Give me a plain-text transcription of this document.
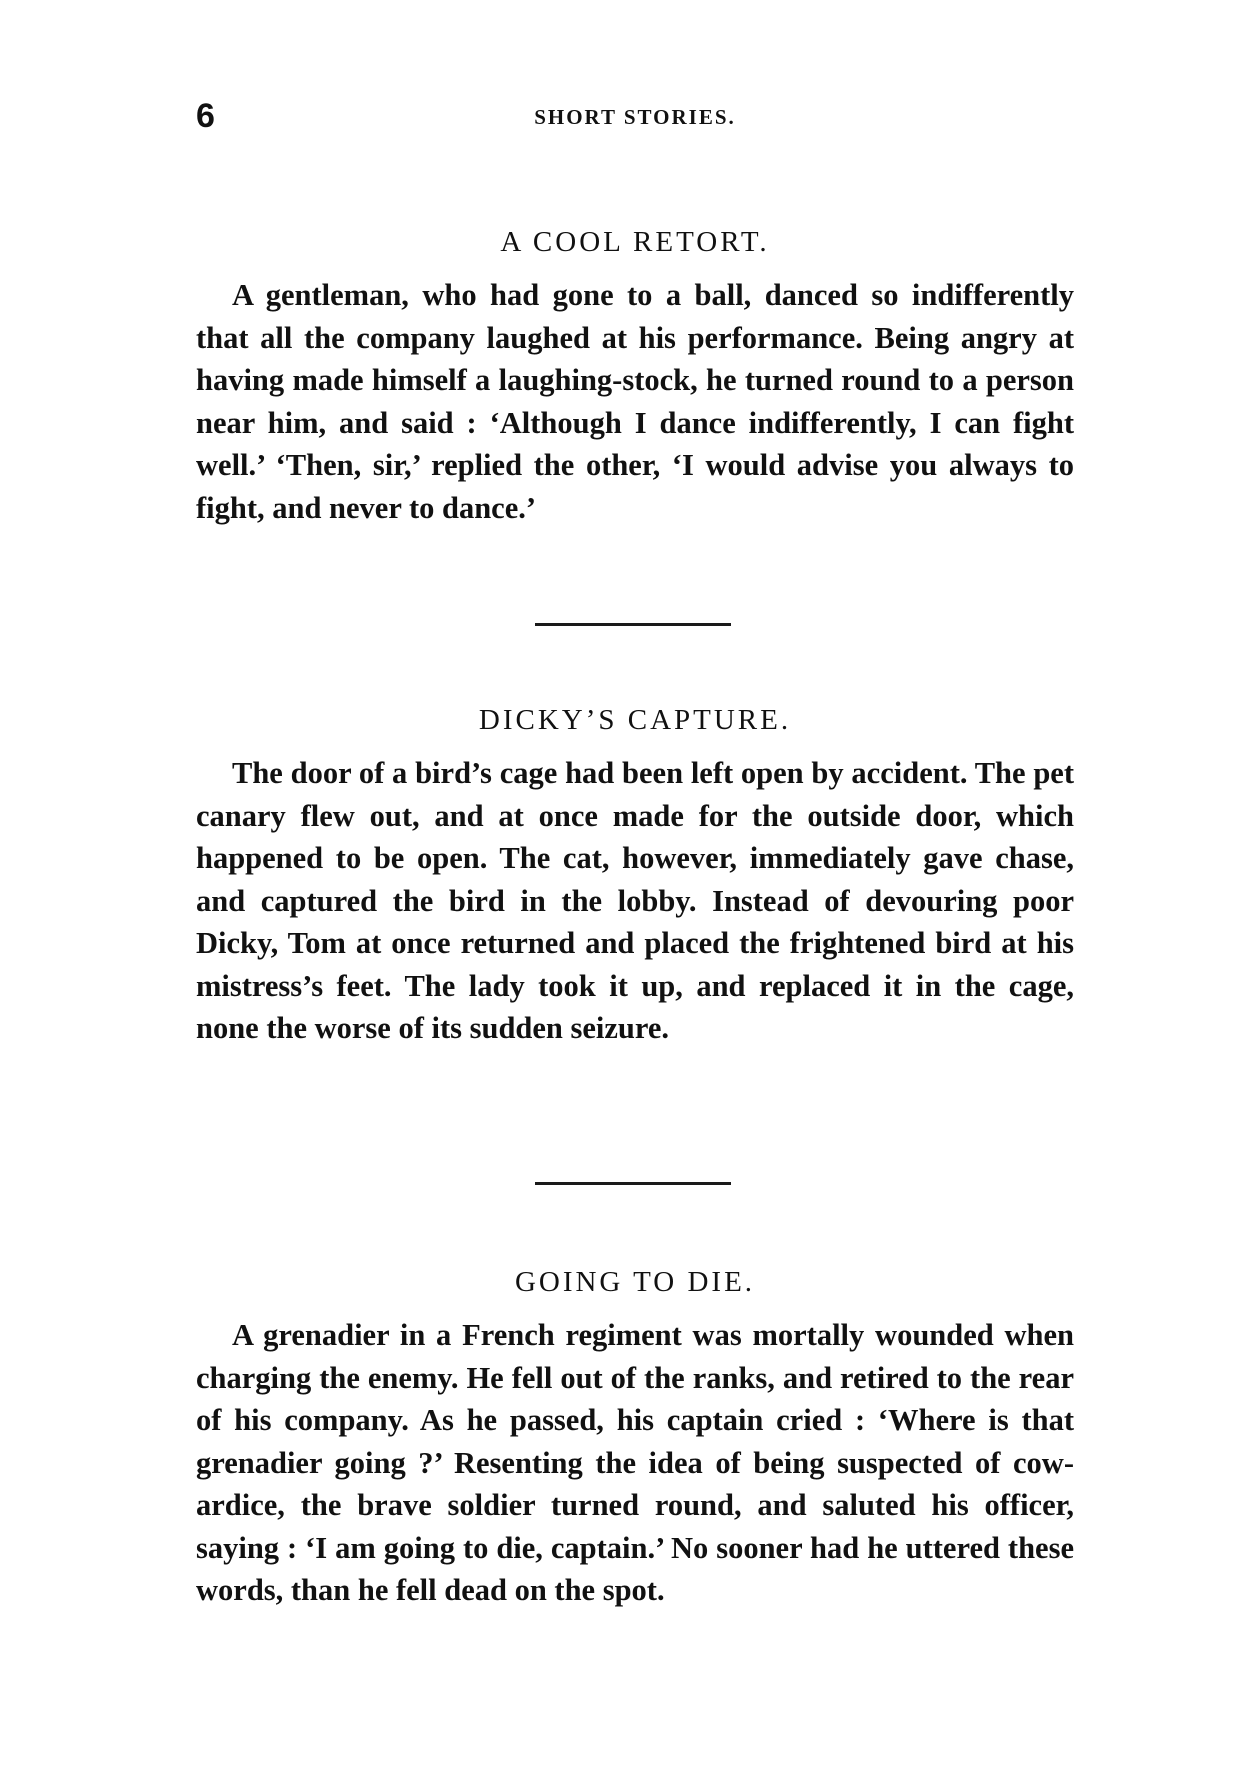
6	SHORT STORIES.
A COOL RETORT.

A gentleman, who had gone to a ball, danced so indifferently that all the company laughed at his performance. Being angry at having made himself a laughing-stock, he turned round to a person near him, and said : ‘Although I dance indifferently, I can fight well.’ ‘Then, sir,’ replied the other, ‘I would advise you always to fight, and never to dance.’

DICKY’S CAPTURE.

The door of a bird’s cage had been left open by accident. The pet canary flew out, and at once made for the outside door, which happened to be open. The cat, however, immediately gave chase, and captured the bird in the lobby. Instead of devouring poor Dicky, Tom at once returned and placed the frightened bird at his mistress’s feet. The lady took it up, and replaced it in the cage, none the worse of its sudden seizure.

GOING TO DIE.

A grenadier in a French regiment was mortally wounded when charging the enemy. He fell out of the ranks, and retired to the rear of his company. As he passed, his captain cried : ‘Where is that grenadier going ?’ Resenting the idea of being suspected of cowardice, the brave soldier turned round, and saluted his officer, saying : ‘I am going to die, captain.’ No sooner had he uttered these words, than he fell dead on the spot.
